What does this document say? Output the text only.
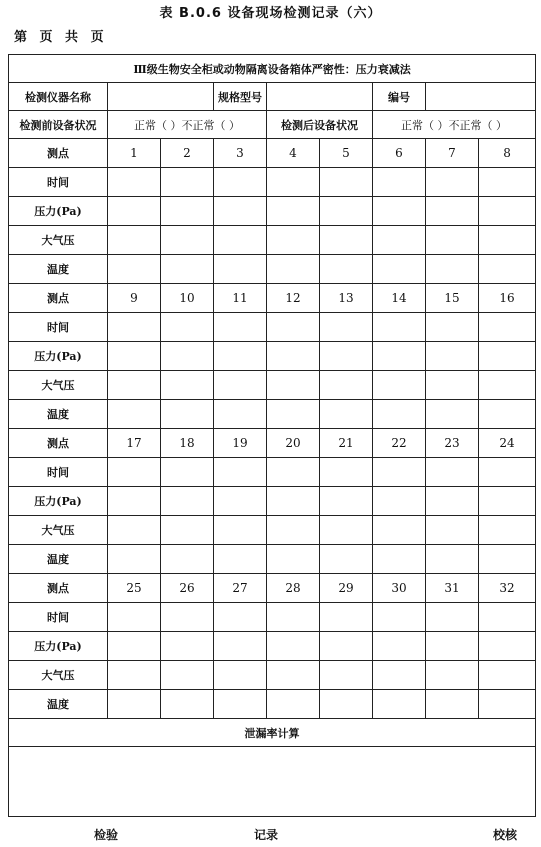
表 B.0.6 设备现场检测记录（六）
第 页 共 页
Ⅲ级生物安全柜或动物隔离设备箱体严密性：压力衰减法								
检测仪器名称			规格型号			编号		
检测前设备状况	正常（ ）不正常（ ）			检测后设备状况		正常（ ）不正常（ ）		
测点	1	2	3	4	5	6	7	8
时间								
压力(Pa)								
大气压								
温度								
测点	9	10	11	12	13	14	15	16
时间								
压力(Pa)								
大气压								
温度								
测点	17	18	19	20	21	22	23	24
时间								
压力(Pa)								
大气压								
温度								
测点	25	26	27	28	29	30	31	32
时间								
压力(Pa)								
大气压								
温度								
泄漏率计算								

校核
记录
检验
